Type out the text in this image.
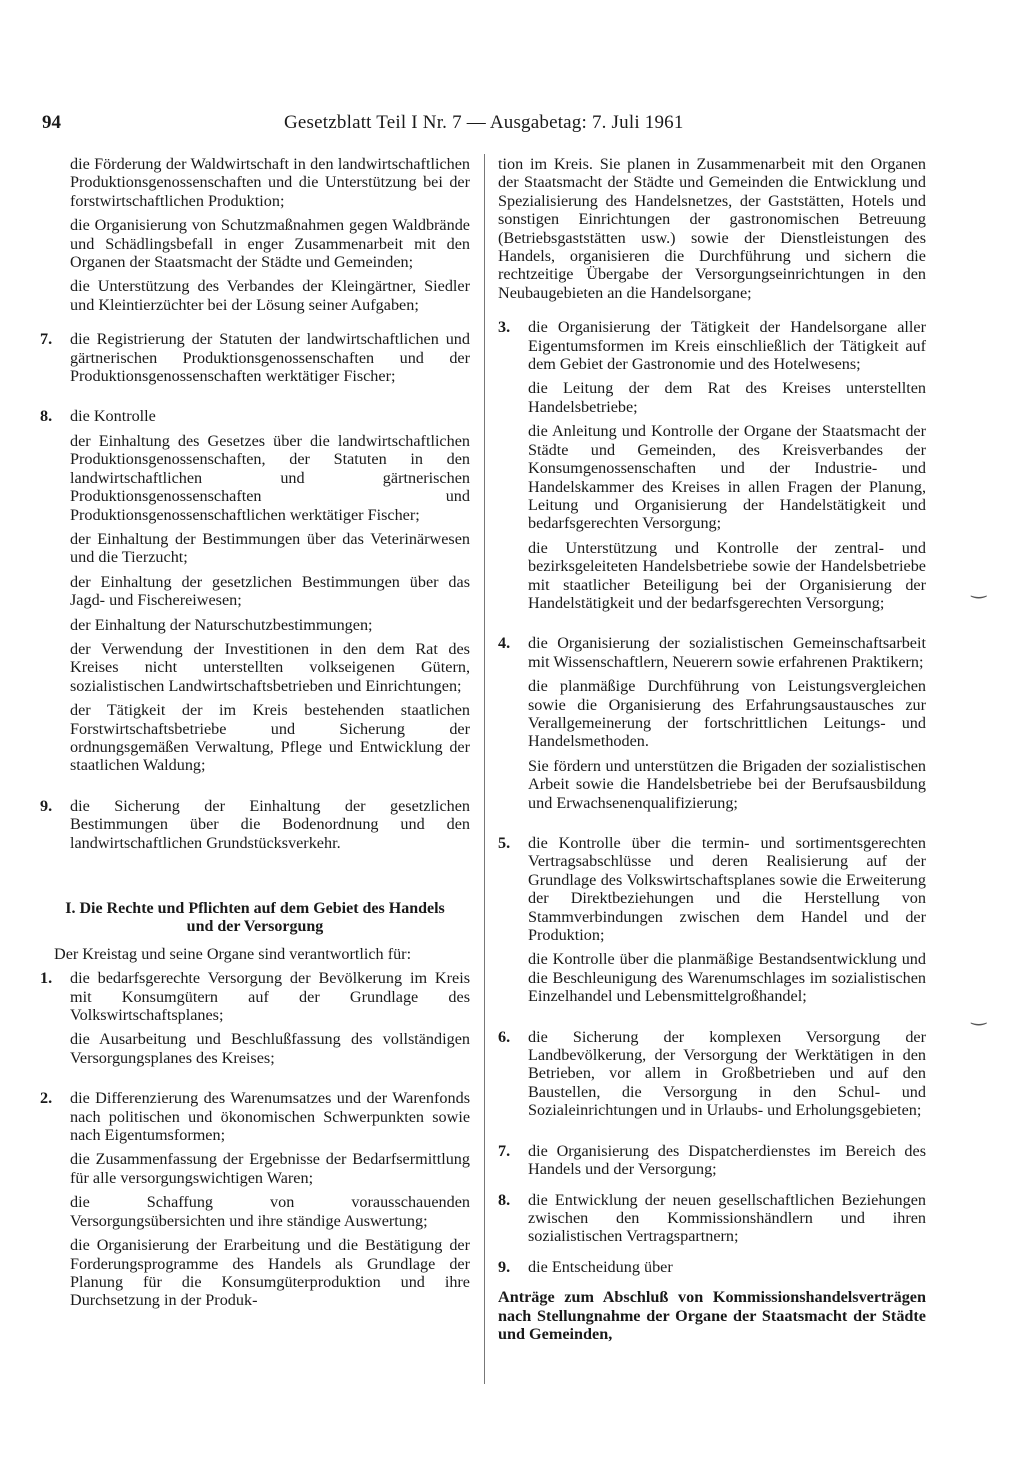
94	Gesetzblatt Teil I Nr. 7 — Ausgabetag: 7. Juli 1961
‿
‿

die Förderung der Waldwirtschaft in den landwirtschaftlichen Produktionsgenossenschaften und die Unterstützung bei der forstwirtschaftlichen Produktion;

die Organisierung von Schutzmaßnahmen gegen Waldbrände und Schädlingsbefall in enger Zusammenarbeit mit den Organen der Staatsmacht der Städte und Gemeinden;

die Unterstützung des Verbandes der Kleingärtner, Siedler und Kleintierzüchter bei der Lösung seiner Aufgaben;

7.	die Registrierung der Statuten der landwirtschaftlichen und gärtnerischen Produktionsgenossenschaften und der Produktionsgenossenschaften werktätiger Fischer;

8.	die Kontrolle

der Einhaltung des Gesetzes über die landwirtschaftlichen Produktionsgenossenschaften, der Statuten in den landwirtschaftlichen und gärtnerischen Produktionsgenossenschaften und Produktionsgenossenschaftlichen werktätiger Fischer;

der Einhaltung der Bestimmungen über das Veterinärwesen und die Tierzucht;

der Einhaltung der gesetzlichen Bestimmungen über das Jagd- und Fischereiwesen;

der Einhaltung der Naturschutzbestimmungen;

der Verwendung der Investitionen in den dem Rat des Kreises nicht unterstellten volkseigenen Gütern, sozialistischen Landwirtschaftsbetrieben und Einrichtungen;

der Tätigkeit der im Kreis bestehenden staatlichen Forstwirtschaftsbetriebe und Sicherung der ordnungsgemäßen Verwaltung, Pflege und Entwicklung der staatlichen Waldung;

9.	die Sicherung der Einhaltung der gesetzlichen Bestimmungen über die Bodenordnung und den landwirtschaftlichen Grundstücksverkehr.

I. Die Rechte und Pflichten auf dem Gebiet des Handels
und der Versorgung

Der Kreistag und seine Organe sind verantwortlich für:

1.	die bedarfsgerechte Versorgung der Bevölkerung im Kreis mit Konsumgütern auf der Grundlage des Volkswirtschaftsplanes;

die Ausarbeitung und Beschlußfassung des vollständigen Versorgungsplanes des Kreises;

2.	die Differenzierung des Warenumsatzes und der Warenfonds nach politischen und ökonomischen Schwerpunkten sowie nach Eigentumsformen;

die Zusammenfassung der Ergebnisse der Bedarfsermittlung für alle versorgungswichtigen Waren;

die Schaffung von vorausschauenden Versorgungsübersichten und ihre ständige Auswertung;

die Organisierung der Erarbeitung und die Bestätigung der Forderungsprogramme des Handels als Grundlage der Planung für die Konsumgüterproduktion und ihre Durchsetzung in der Produk-

tion im Kreis. Sie planen in Zusammenarbeit mit den Organen der Staatsmacht der Städte und Gemeinden die Entwicklung und Spezialisierung des Handelsnetzes, der Gaststätten, Hotels und sonstigen Einrichtungen der gastronomischen Betreuung (Betriebsgaststätten usw.) sowie der Dienstleistungen des Handels, organisieren die Durchführung und sichern die rechtzeitige Übergabe der Versorgungseinrichtungen in den Neubaugebieten an die Handelsorgane;

3.	die Organisierung der Tätigkeit der Handelsorgane aller Eigentumsformen im Kreis einschließlich der Tätigkeit auf dem Gebiet der Gastronomie und des Hotelwesens;

die Leitung der dem Rat des Kreises unterstellten Handelsbetriebe;

die Anleitung und Kontrolle der Organe der Staatsmacht der Städte und Gemeinden, des Kreisverbandes der Konsumgenossenschaften und der Industrie- und Handelskammer des Kreises in allen Fragen der Planung, Leitung und Organisierung der Handelstätigkeit und bedarfsgerechten Versorgung;

die Unterstützung und Kontrolle der zentral- und bezirksgeleiteten Handelsbetriebe sowie der Handelsbetriebe mit staatlicher Beteiligung bei der Organisierung der Handelstätigkeit und der bedarfsgerechten Versorgung;

4.	die Organisierung der sozialistischen Gemeinschaftsarbeit mit Wissenschaftlern, Neuerern sowie erfahrenen Praktikern;

die planmäßige Durchführung von Leistungsvergleichen sowie die Organisierung des Erfahrungsaustausches zur Verallgemeinerung der fortschrittlichen Leitungs- und Handelsmethoden.

Sie fördern und unterstützen die Brigaden der sozialistischen Arbeit sowie die Handelsbetriebe bei der Berufsausbildung und Erwachsenenqualifizierung;

5.	die Kontrolle über die termin- und sortimentsgerechten Vertragsabschlüsse und deren Realisierung auf der Grundlage des Volkswirtschaftsplanes sowie die Erweiterung der Direktbeziehungen und die Herstellung von Stammverbindungen zwischen dem Handel und der Produktion;

die Kontrolle über die planmäßige Bestandsentwicklung und die Beschleunigung des Warenumschlages im sozialistischen Einzelhandel und Lebensmittelgroßhandel;

6.	die Sicherung der komplexen Versorgung der Landbevölkerung, der Versorgung der Werktätigen in den Betrieben, vor allem in Großbetrieben und auf den Baustellen, die Versorgung in den Schul- und Sozialeinrichtungen und in Urlaubs- und Erholungsgebieten;

7.	die Organisierung des Dispatcherdienstes im Bereich des Handels und der Versorgung;

8.	die Entwicklung der neuen gesellschaftlichen Beziehungen zwischen den Kommissionshändlern und ihren sozialistischen Vertragspartnern;

9.	die Entscheidung über

Anträge zum Abschluß von Kommissionshandelsverträgen nach Stellungnahme der Organe der Staatsmacht der Städte und Gemeinden,
